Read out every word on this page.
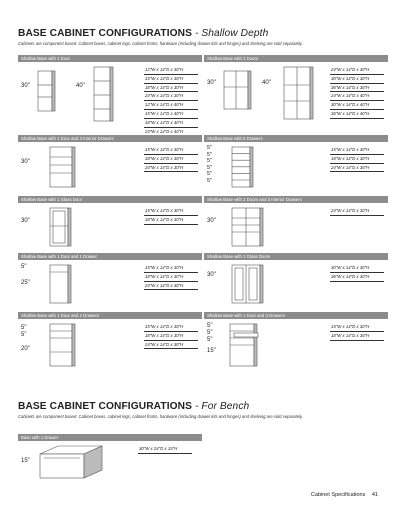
BASE CABINET CONFIGURATIONS - Shallow Depth
Cabinets are component based. Cabinet boxes, cabinet legs, cabinet fronts, hardware (including drawer kits and hinges) and shelving are sold separately.
Shallow Base with 1 Door
30"	40"
12"W x 14"D x 30"H
15"W x 14"D x 30"H
18"W x 14"D x 30"H
24"W x 14"D x 30"H
12"W x 14"D x 40"H
15"W x 14"D x 40"H
18"W x 14"D x 40"H
24"W x 14"D x 40"H
Shallow Base with 2 Doors
30"	40"
24"W x 14"D x 30"H
30"W x 14"D x 30"H
36"W x 14"D x 30"H
24"W x 14"D x 40"H
30"W x 14"D x 40"H
36"W x 14"D x 40"H
Shallow Base with 1 Door and 3 Interior Drawers
30"
15"W x 14"D x 30"H
18"W x 14"D x 30"H
24"W x 14"D x 30"H
Shallow Base with 6 Drawers
5"
5"
5"
5"
5"
5"
15"W x 14"D x 30"H
18"W x 14"D x 30"H
24"W x 14"D x 30"H
Shallow Base with 1 Glass Door
30"
15"W x 14"D x 30"H
18"W x 14"D x 30"H
Shallow Base with 2 Doors and 3 Interior Drawers
30"
24"W x 14"D x 30"H
Shallow Base with 1 Door and 1 Drawer
5"
25"
15"W x 14"D x 30"H
18"W x 14"D x 30"H
24"W x 14"D x 30"H
Shallow Base with 2 Glass Doors
30"
30"W x 14"D x 30"H
36"W x 14"D x 30"H
Shallow Base with 1 Door and 2 Drawers
5"
5"
20"
15"W x 14"D x 30"H
18"W x 14"D x 30"H
24"W x 14"D x 30"H
Shallow Base with 1 Door and 3 Drawers
5"
5"
5"
15"
15"W x 14"D x 30"H
18"W x 14"D x 30"H
BASE CABINET CONFIGURATIONS - For Bench
Cabinets are component based. Cabinet boxes, cabinet legs, cabinet fronts, hardware (including drawer kits and hinges) and shelving are sold separately.
Base with 1 Drawer
15"
30"W x 24"D x 15"H
Cabinet Specifications 41
